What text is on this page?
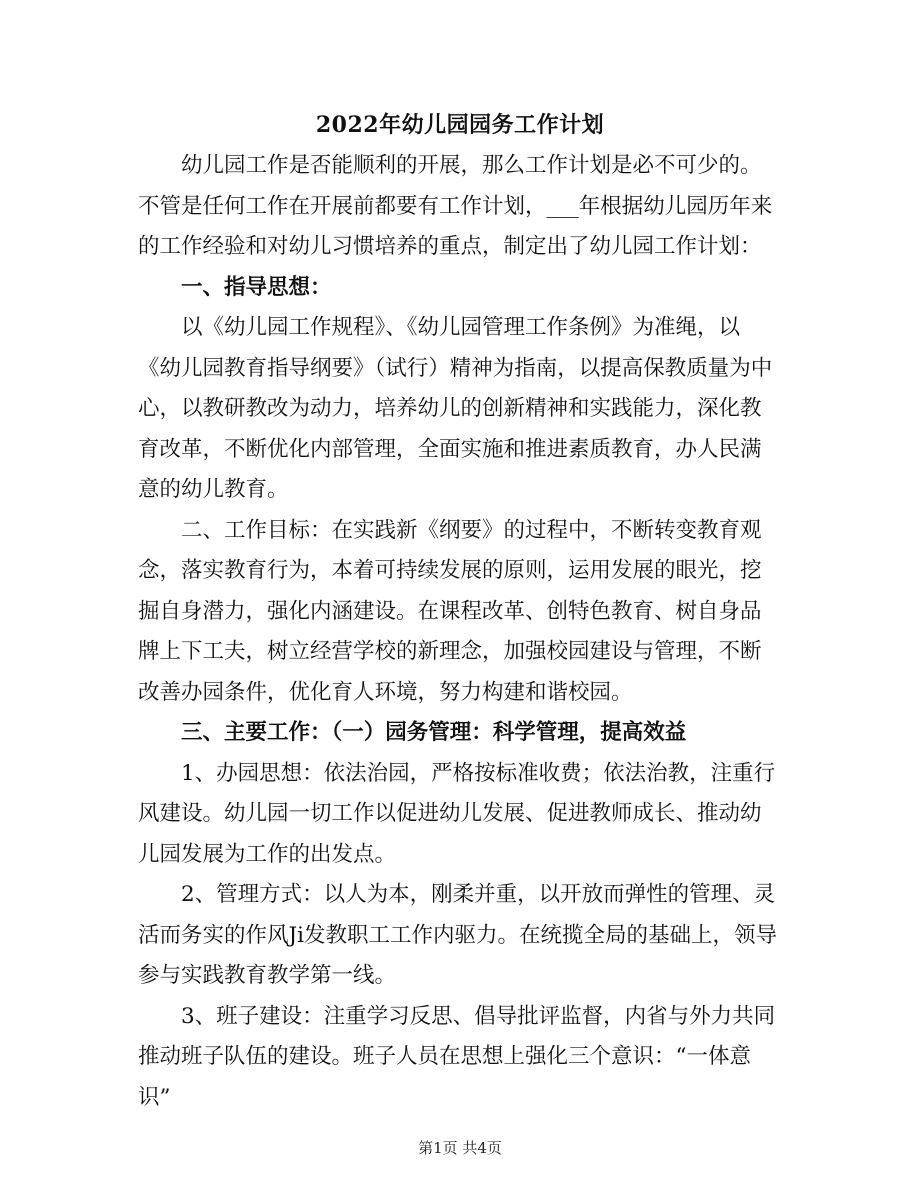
2022年幼儿园园务工作计划

幼儿园工作是否能顺利的开展，那么工作计划是必不可少的。不管是任何工作在开展前都要有工作计划，___年根据幼儿园历年来的工作经验和对幼儿习惯培养的重点，制定出了幼儿园工作计划：

一、指导思想：

以《幼儿园工作规程》、《幼儿园管理工作条例》为准绳，以《幼儿园教育指导纲要》（试行）精神为指南，以提高保教质量为中心，以教研教改为动力，培养幼儿的创新精神和实践能力，深化教育改革，不断优化内部管理，全面实施和推进素质教育，办人民满意的幼儿教育。

二、工作目标：在实践新《纲要》的过程中，不断转变教育观念，落实教育行为，本着可持续发展的原则，运用发展的眼光，挖掘自身潜力，强化内涵建设。在课程改革、创特色教育、树自身品牌上下工夫，树立经营学校的新理念，加强校园建设与管理，不断改善办园条件，优化育人环境，努力构建和谐校园。

三、主要工作：（一）园务管理：科学管理，提高效益

1、办园思想：依法治园，严格按标准收费；依法治教，注重行风建设。幼儿园一切工作以促进幼儿发展、促进教师成长、推动幼儿园发展为工作的出发点。

2、管理方式：以人为本，刚柔并重，以开放而弹性的管理、灵活而务实的作风Ji发教职工工作内驱力。在统揽全局的基础上，领导参与实践教育教学第一线。

3、班子建设：注重学习反思、倡导批评监督，内省与外力共同推动班子队伍的建设。班子人员在思想上强化三个意识：“一体意识”

第1页 共4页
